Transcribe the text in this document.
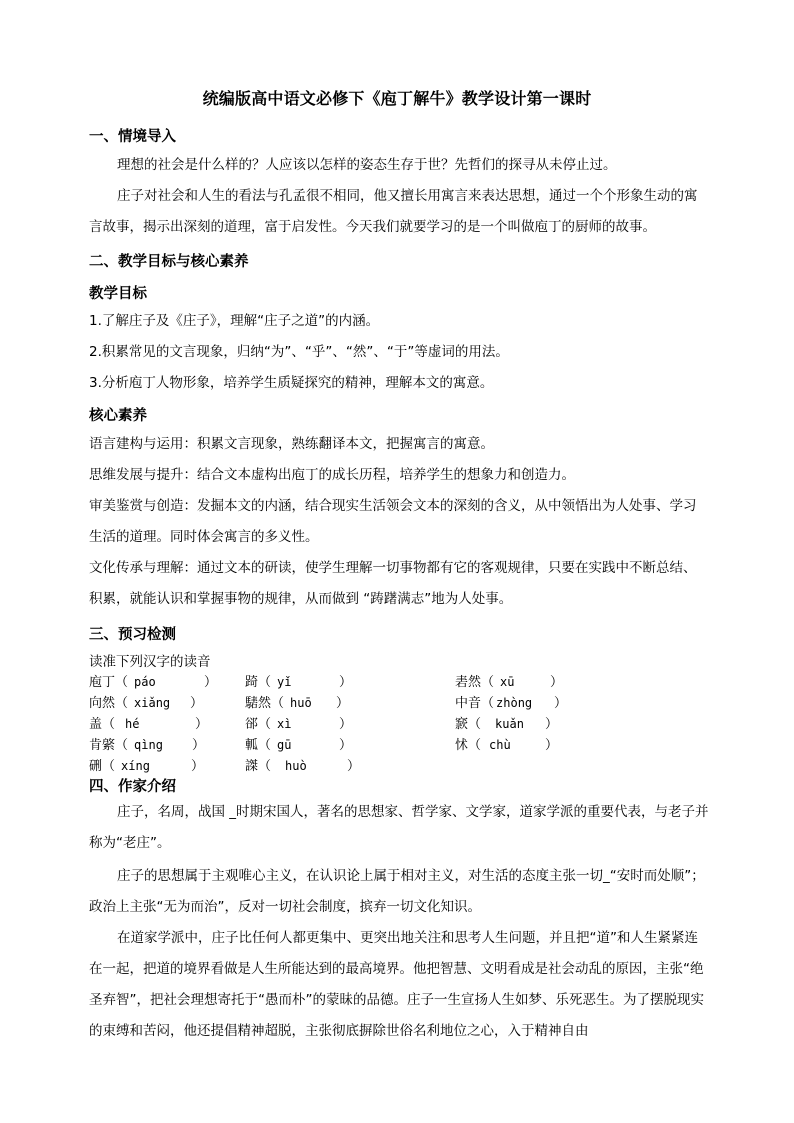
统编版高中语文必修下《庖丁解牛》教学设计第一课时
一、情境导入
理想的社会是什么样的？人应该以怎样的姿态生存于世？先哲们的探寻从未停止过。
庄子对社会和人生的看法与孔孟很不相同，他又擅长用寓言来表达思想，通过一个个形象生动的寓言故事，揭示出深刻的道理，富于启发性。今天我们就要学习的是一个叫做庖丁的厨师的故事。
二、教学目标与核心素养
教学目标
1.了解庄子及《庄子》，理解“庄子之道”的内涵。
2.积累常见的文言现象，归纳“为”、“乎”、“然”、“于”等虚词的用法。
3.分析庖丁人物形象，培养学生质疑探究的精神，理解本文的寓意。
核心素养
语言建构与运用：积累文言现象，熟练翻译本文，把握寓言的寓意。
思维发展与提升：结合文本虚构出庖丁的成长历程，培养学生的想象力和创造力。
审美鉴赏与创造：发掘本文的内涵，结合现实生活领会文本的深刻的含义，从中领悟出为人处事、学习生活的道理。同时体会寓言的多义性。
文化传承与理解：通过文本的研读，使学生理解一切事物都有它的客观规律，只要在实践中不断总结、积累，就能认识和掌握事物的规律，从而做到 “踌躇满志”地为人处事。
三、预习检测
读准下列汉字的读音
庖丁（ páo	） 踦（ yǐ	）	砉然（ xū	）
向然（ xiǎng ）	騞然（ huō ）	中音（ zhòng ）
盖（ hé	）	郤（ xì	）	窾（ kuǎn ）
肯綮（ qìng ）	軱（ gū	）	怵（ chù	）
硎（ xíng	）	謋（ huò	）
四、作家介绍
庄子，名周，战国 _时期宋国人，著名的思想家、哲学家、文学家，道家学派的重要代表，与老子并称为“老庄”。
庄子的思想属于主观唯心主义，在认识论上属于相对主义，对生活的态度主张一切_“安时而处顺”；政治上主张“无为而治”，反对一切社会制度，摈弃一切文化知识。
在道家学派中，庄子比任何人都更集中、更突出地关注和思考人生问题，并且把“道”和人生紧紧连在一起，把道的境界看做是人生所能达到的最高境界。他把智慧、文明看成是社会动乱的原因，主张“绝圣弃智”，把社会理想寄托于“愚而朴”的蒙昧的品德。庄子一生宣扬人生如梦、乐死恶生。为了摆脱现实的束缚和苦闷，他还提倡精神超脱，主张彻底摒除世俗名利地位之心，入于精神自由
